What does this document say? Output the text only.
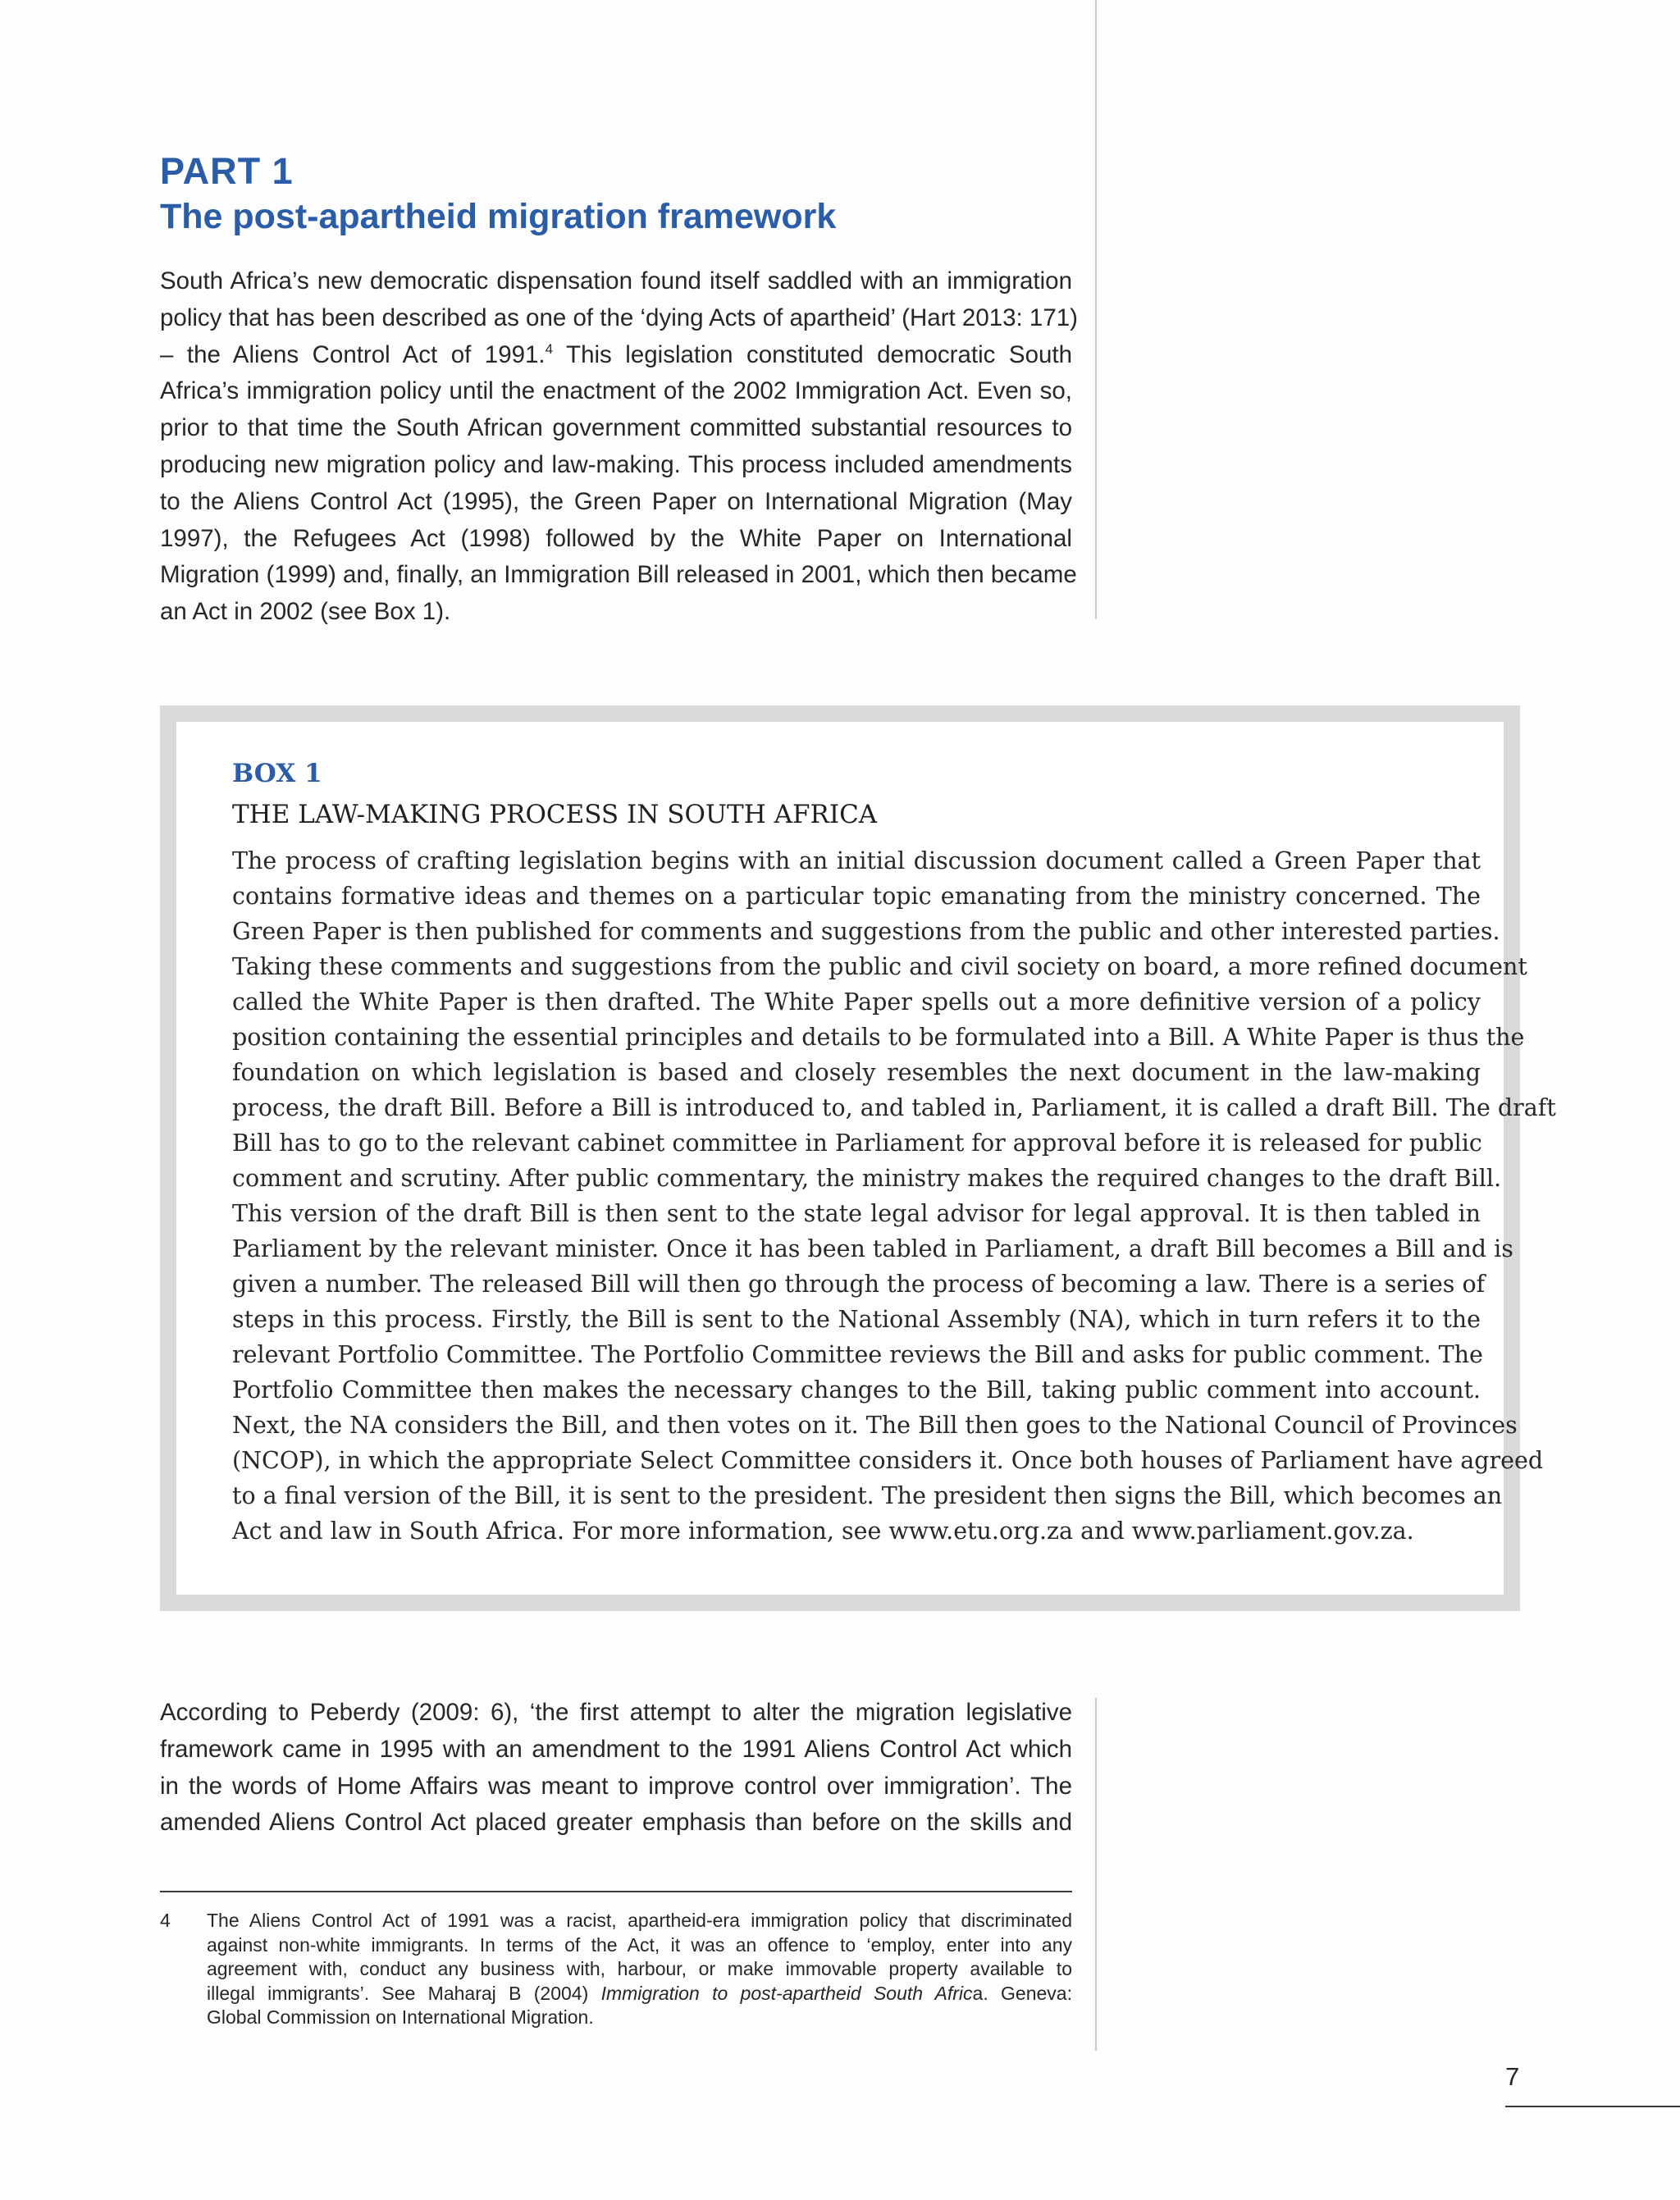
PART 1
The post-apartheid migration framework

South Africa’s new democratic dispensation found itself saddled with an immigration
policy that has been described as one of the ‘dying Acts of apartheid’ (Hart 2013: 171)
– the Aliens Control Act of 1991.$^4$ This legislation constituted democratic South
Africa’s immigration policy until the enactment of the 2002 Immigration Act. Even so,
prior to that time the South African government committed substantial resources to
producing new migration policy and law-making. This process included amendments
to the Aliens Control Act (1995), the Green Paper on International Migration (May
1997), the Refugees Act (1998) followed by the White Paper on International
Migration (1999) and, finally, an Immigration Bill released in 2001, which then became
an Act in 2002 (see Box 1).

BOX 1
THE LAW-MAKING PROCESS IN SOUTH AFRICA

The process of crafting legislation begins with an initial discussion document called a Green Paper that
contains formative ideas and themes on a particular topic emanating from the ministry concerned. The
Green Paper is then published for comments and suggestions from the public and other interested parties.
Taking these comments and suggestions from the public and civil society on board, a more refined document
called the White Paper is then drafted. The White Paper spells out a more definitive version of a policy
position containing the essential principles and details to be formulated into a Bill. A White Paper is thus the
foundation on which legislation is based and closely resembles the next document in the law-making
process, the draft Bill. Before a Bill is introduced to, and tabled in, Parliament, it is called a draft Bill. The draft
Bill has to go to the relevant cabinet committee in Parliament for approval before it is released for public
comment and scrutiny. After public commentary, the ministry makes the required changes to the draft Bill.
This version of the draft Bill is then sent to the state legal advisor for legal approval. It is then tabled in
Parliament by the relevant minister. Once it has been tabled in Parliament, a draft Bill becomes a Bill and is
given a number. The released Bill will then go through the process of becoming a law. There is a series of
steps in this process. Firstly, the Bill is sent to the National Assembly (NA), which in turn refers it to the
relevant Portfolio Committee. The Portfolio Committee reviews the Bill and asks for public comment. The
Portfolio Committee then makes the necessary changes to the Bill, taking public comment into account.
Next, the NA considers the Bill, and then votes on it. The Bill then goes to the National Council of Provinces
(NCOP), in which the appropriate Select Committee considers it. Once both houses of Parliament have agreed
to a final version of the Bill, it is sent to the president. The president then signs the Bill, which becomes an
Act and law in South Africa. For more information, see www.etu.org.za and www.parliament.gov.za.

According to Peberdy (2009: 6), ‘the first attempt to alter the migration legislative
framework came in 1995 with an amendment to the 1991 Aliens Control Act which
in the words of Home Affairs was meant to improve control over immigration’. The
amended Aliens Control Act placed greater emphasis than before on the skills and

4 The Aliens Control Act of 1991 was a racist, apartheid-era immigration policy that discriminated
against non-white immigrants. In terms of the Act, it was an offence to ‘employ, enter into any
agreement with, conduct any business with, harbour, or make immovable property available to
illegal immigrants’. See Maharaj B (2004) Immigration to post-apartheid South Africa. Geneva:
Global Commission on International Migration.

7
